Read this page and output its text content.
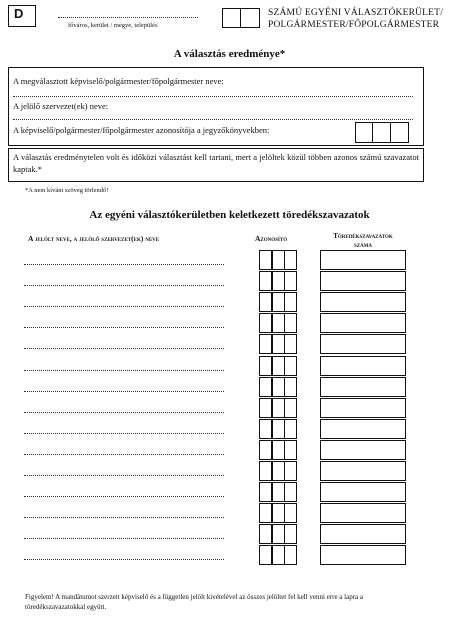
D
főváros, kerület / megye, település
SZÁMÚ EGYÉNI VÁLASZTÓKERÜLET/
POLGÁRMESTER/FŐPOLGÁRMESTER
A választás eredménye*
A megválasztott képviselő/polgármester/főpolgármester neve:
A jelölő szervezet(ek) neve:
A képviselő/polgármester/főpolgármester azonosítója a jegyzőkönyvekben:
A választás eredménytelen volt és időközi választást kell tartani, mert a jelöltek közül többen azonos számú szavazatot kaptak.*
*A nem kívánt szöveg törlendő!
Az egyéni választókerületben keletkezett töredékszavazatok
A jelölt neve, a jelölő szervezet(ek) neve	Azonosító	Töredékszavazatok
száma
Figyelem! A mandátumot szerzett képviselő és a független jelölt kivételével az összes jelöltet fel kell venni erre a lapra a töredékszavazatokkal együtt.
